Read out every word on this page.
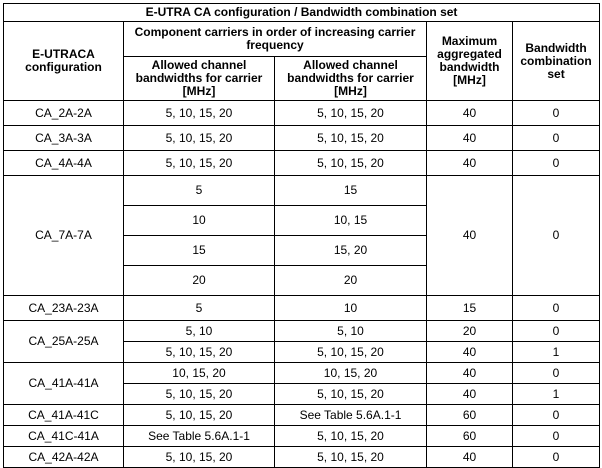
E-UTRA CA configuration / Bandwidth combination set				
E-UTRACA configuration	Component carriers in order of increasing carrier frequency		Maximum aggregated bandwidth [MHz]	Bandwidth combination set
	Allowed channel bandwidths for carrier [MHz]	Allowed channel bandwidths for carrier [MHz]		
CA_2A-2A	5, 10, 15, 20	5, 10, 15, 20	40	0
CA_3A-3A	5, 10, 15, 20	5, 10, 15, 20	40	0
CA_4A-4A	5, 10, 15, 20	5, 10, 15, 20	40	0
CA_7A-7A	5	15	40	0
	10	10, 15		
	15	15, 20		
	20	20		
CA_23A-23A	5	10	15	0
CA_25A-25A	5, 10	5, 10	20	0
	5, 10, 15, 20	5, 10, 15, 20	40	1
CA_41A-41A	10, 15, 20	10, 15, 20	40	0
	5, 10, 15, 20	5, 10, 15, 20	40	1
CA_41A-41C	5, 10, 15, 20	See Table 5.6A.1-1	60	0
CA_41C-41A	See Table 5.6A.1-1	5, 10, 15, 20	60	0
CA_42A-42A	5, 10, 15, 20	5, 10, 15, 20	40	0
